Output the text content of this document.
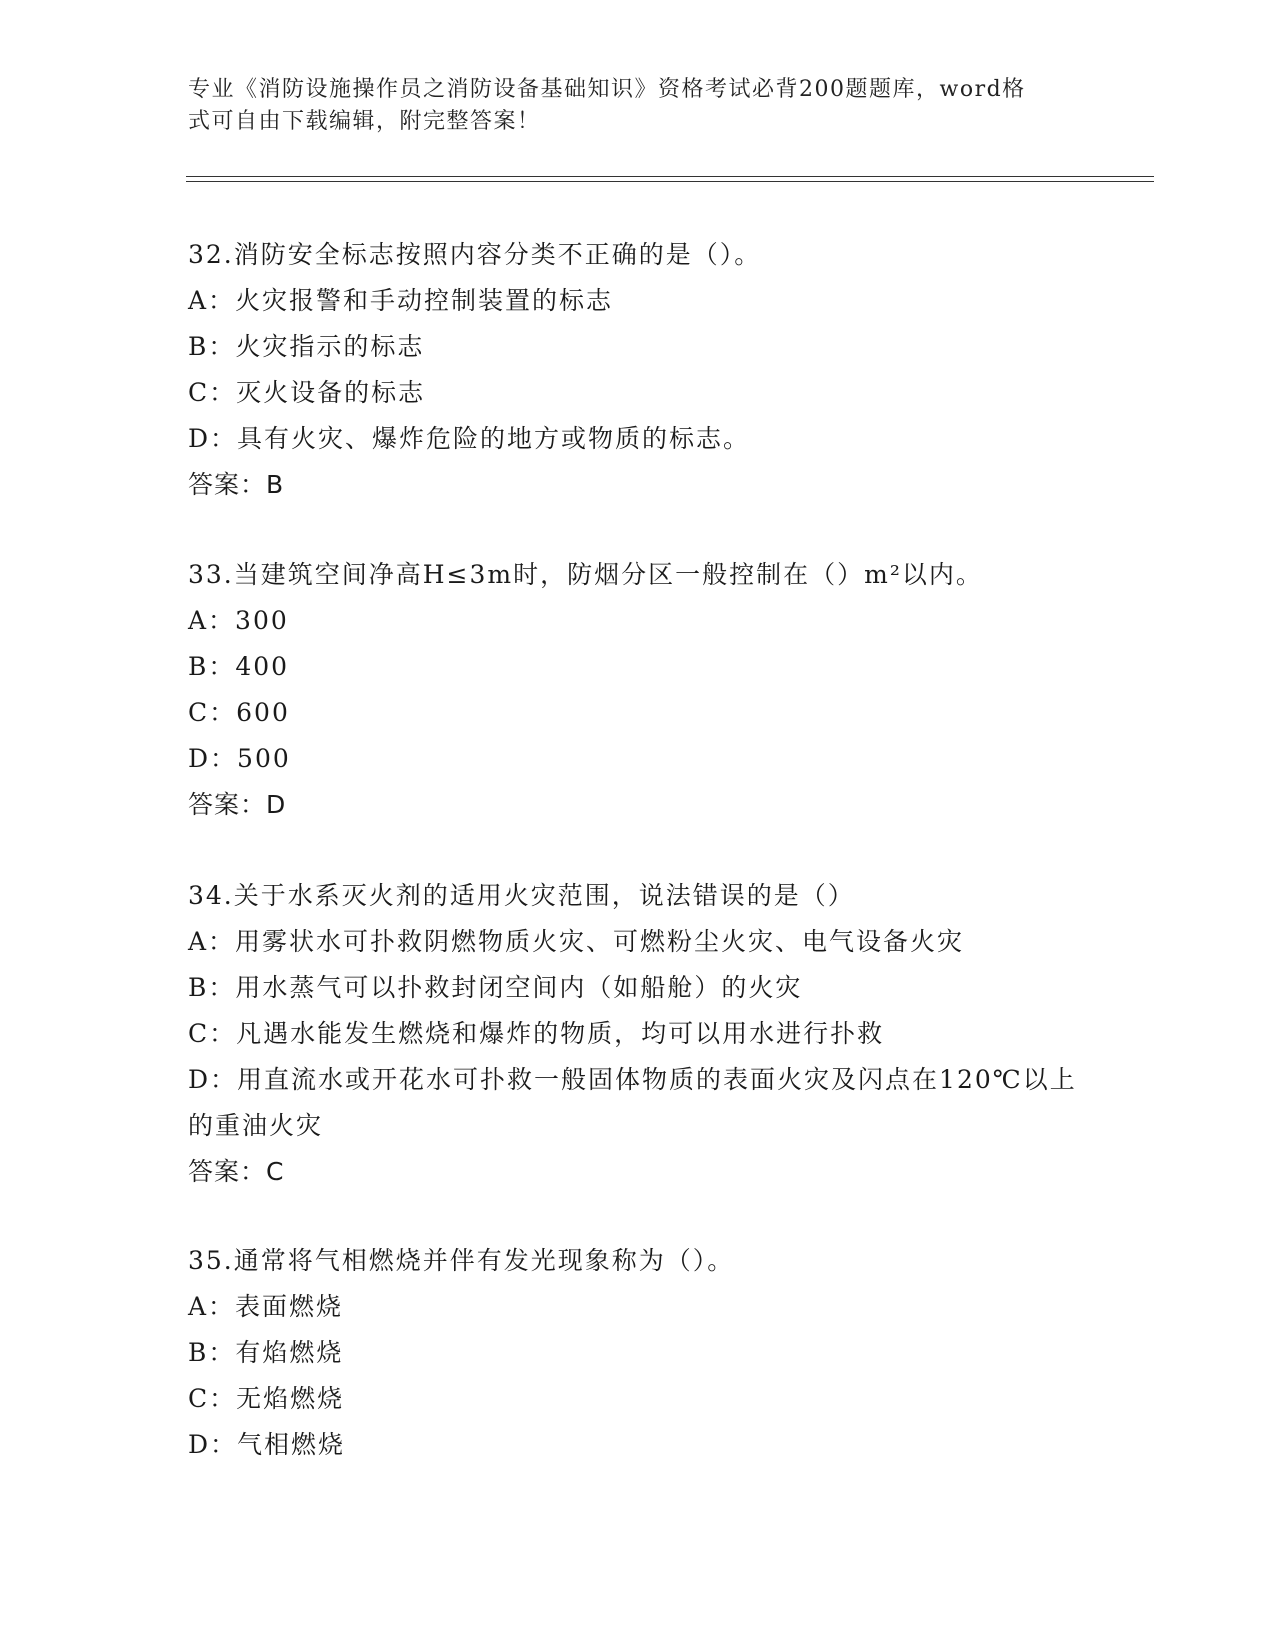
专业《消防设施操作员之消防设备基础知识》资格考试必背200题题库，word格
式可自由下载编辑，附完整答案！
32.消防安全标志按照内容分类不正确的是（）。
A：火灾报警和手动控制装置的标志
B：火灾指示的标志
C：灭火设备的标志
D：具有火灾、爆炸危险的地方或物质的标志。
答案：B
33.当建筑空间净高H≤3m时，防烟分区一般控制在（）m²以内。
A：300
B：400
C：600
D：500
答案：D
34.关于水系灭火剂的适用火灾范围，说法错误的是（）
A：用雾状水可扑救阴燃物质火灾、可燃粉尘火灾、电气设备火灾
B：用水蒸气可以扑救封闭空间内（如船舱）的火灾
C：凡遇水能发生燃烧和爆炸的物质，均可以用水进行扑救
D：用直流水或开花水可扑救一般固体物质的表面火灾及闪点在120℃以上的重油火灾
答案：C
35.通常将气相燃烧并伴有发光现象称为（）。
A：表面燃烧
B：有焰燃烧
C：无焰燃烧
D：气相燃烧
